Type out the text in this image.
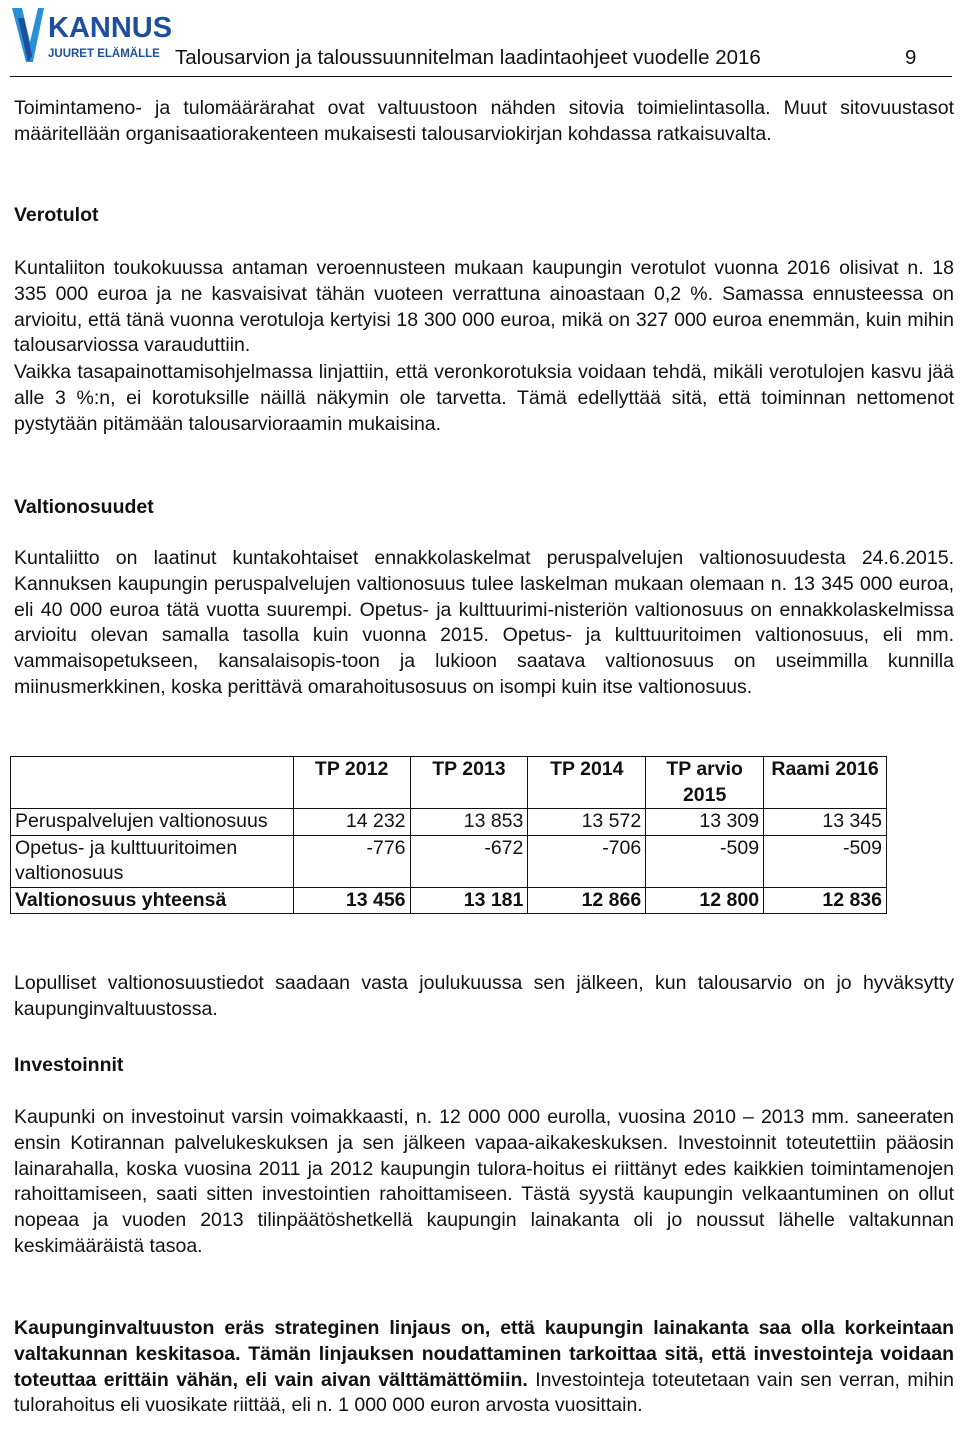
KANNUS
JUURET ELÄMÄLLE Talousarvion ja taloussuunnitelman laadintaohjeet vuodelle 2016	9

Toimintameno- ja tulomäärärahat ovat valtuustoon nähden sitovia toimielintasolla. Muut sitovuustasot määritellään organisaatiorakenteen mukaisesti talousarviokirjan kohdassa ratkaisuvalta.

Verotulot

Kuntaliiton toukokuussa antaman veroennusteen mukaan kaupungin verotulot vuonna 2016 olisivat n. 18 335 000 euroa ja ne kasvaisivat tähän vuoteen verrattuna ainoastaan 0,2 %. Samassa ennusteessa on arvioitu, että tänä vuonna verotuloja kertyisi 18 300 000 euroa, mikä on 327 000 euroa enemmän, kuin mihin talousarviossa varauduttiin.

Vaikka tasapainottamisohjelmassa linjattiin, että veronkorotuksia voidaan tehdä, mikäli verotulojen kasvu jää alle 3 %:n, ei korotuksille näillä näkymin ole tarvetta. Tämä edellyttää sitä, että toiminnan nettomenot pystytään pitämään talousarvioraamin mukaisina.

Valtionosuudet

Kuntaliitto on laatinut kuntakohtaiset ennakkolaskelmat peruspalvelujen valtionosuudesta 24.6.2015. Kannuksen kaupungin peruspalvelujen valtionosuus tulee laskelman mukaan olemaan n. 13 345 000 euroa, eli 40 000 euroa tätä vuotta suurempi. Opetus- ja kulttuurimi-nisteriön valtionosuus on ennakkolaskelmissa arvioitu olevan samalla tasolla kuin vuonna 2015. Opetus- ja kulttuuritoimen valtionosuus, eli mm. vammaisopetukseen, kansalaisopis-toon ja lukioon saatava valtionosuus on useimmilla kunnilla miinusmerkkinen, koska perittävä omarahoitusosuus on isompi kuin itse valtionosuus.

	TP 2012	TP 2013	TP 2014	TP arvio 2015	Raami 2016
Peruspalvelujen valtionosuus	14 232	13 853	13 572	13 309	13 345
Opetus- ja kulttuuritoimen valtionosuus	-776	-672	-706	-509	-509
Valtionosuus yhteensä	13 456	13 181	12 866	12 800	12 836

Lopulliset valtionosuustiedot saadaan vasta joulukuussa sen jälkeen, kun talousarvio on jo hyväksytty kaupunginvaltuustossa.

Investoinnit

Kaupunki on investoinut varsin voimakkaasti, n. 12 000 000 eurolla, vuosina 2010 – 2013 mm. saneeraten ensin Kotirannan palvelukeskuksen ja sen jälkeen vapaa-aikakeskuksen. Investoinnit toteutettiin pääosin lainarahalla, koska vuosina 2011 ja 2012 kaupungin tulora-hoitus ei riittänyt edes kaikkien toimintamenojen rahoittamiseen, saati sitten investointien rahoittamiseen. Tästä syystä kaupungin velkaantuminen on ollut nopeaa ja vuoden 2013 tilinpäätöshetkellä kaupungin lainakanta oli jo noussut lähelle valtakunnan keskimääräistä tasoa.

Kaupunginvaltuuston eräs strateginen linjaus on, että kaupungin lainakanta saa olla korkeintaan valtakunnan keskitasoa. Tämän linjauksen noudattaminen tarkoittaa sitä, että investointeja voidaan toteuttaa erittäin vähän, eli vain aivan välttämättömiin. Investointeja toteutetaan vain sen verran, mihin tulorahoitus eli vuosikate riittää, eli n. 1 000 000 euron arvosta vuosittain.
